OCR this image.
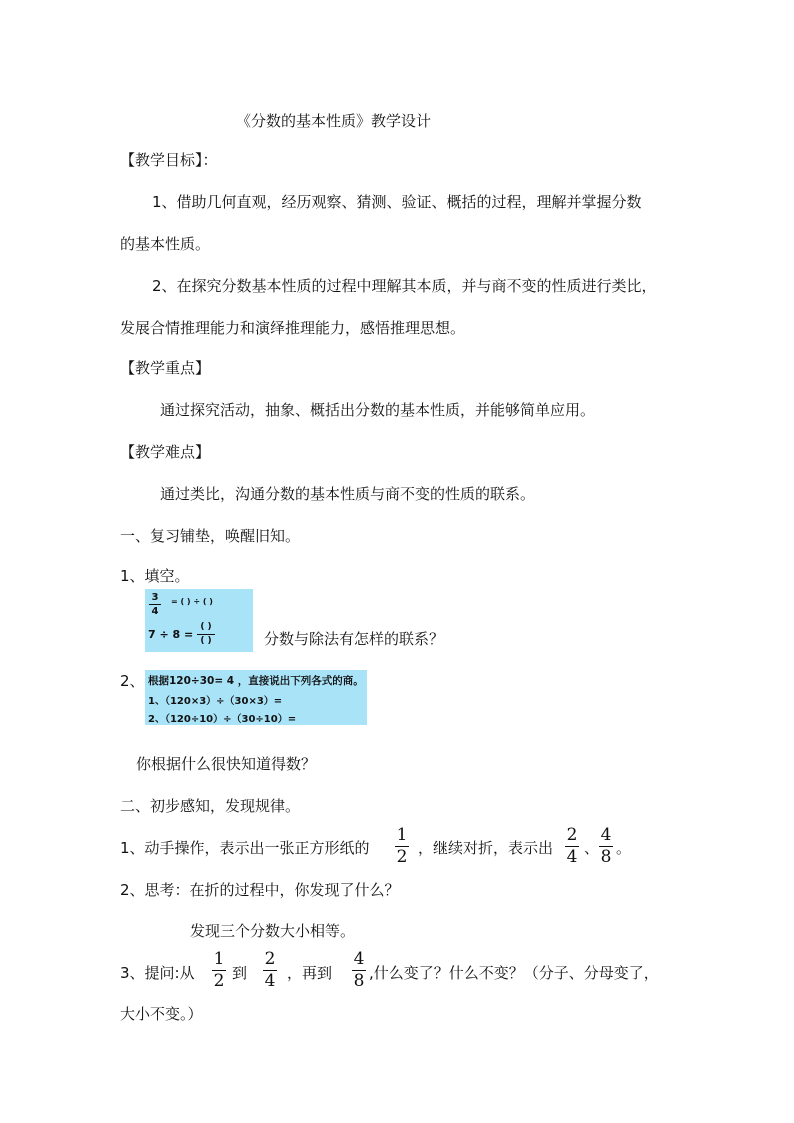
《分数的基本性质》教学设计
【教学目标】：
1、借助几何直观，经历观察、猜测、验证、概括的过程，理解并掌握分数
的基本性质。
2、在探究分数基本性质的过程中理解其本质，并与商不变的性质进行类比，
发展合情推理能力和演绎推理能力，感悟推理思想。
【教学重点】
通过探究活动，抽象、概括出分数的基本性质，并能够简单应用。
【教学难点】
通过类比，沟通分数的基本性质与商不变的性质的联系。
一、复习铺垫，唤醒旧知。
1、填空。
3
4
= ( ) ÷ ( )
7 ÷ 8 =
( )
( )	分数与除法有怎样的联系？
2、 根据120÷30= 4 ，直接说出下列各式的商。
1、（120×3）÷（30×3）=
2、（120÷10）÷（30÷10）=
你根据什么很快知道得数？
二、初步感知，发现规律。
1、动手操作，表示出一张正方形纸的
1
2 ，继续对折，表示出
2
4 、
4
8 。
2、思考：在折的过程中，你发现了什么？
发现三个分数大小相等。
3、提问:从
1
2 到
2
4 ，再到
4
8 ,什么变了？什么不变？（分子、分母变了，
大小不变。）
